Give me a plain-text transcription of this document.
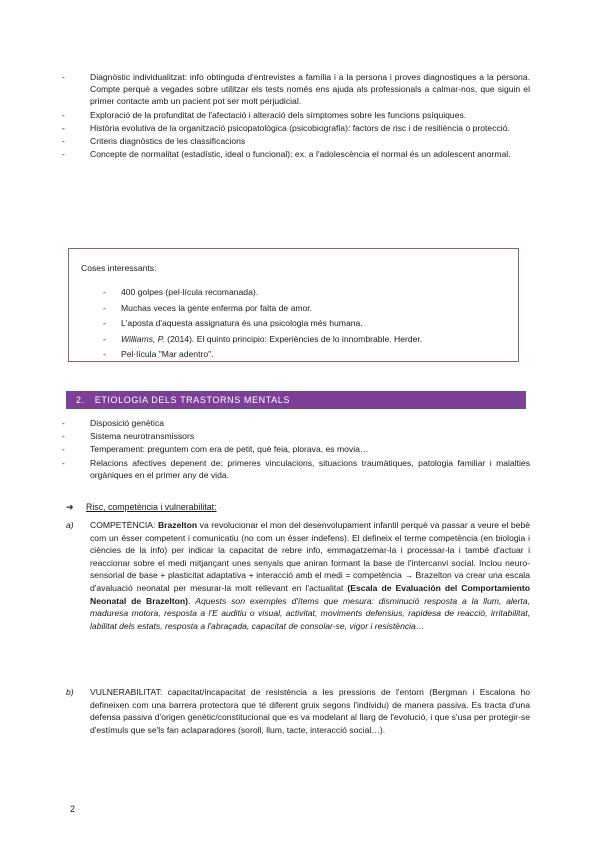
-	Diagnòstic individualitzat: info obtinguda d'entrevistes a família i a la persona i proves diagnostiques a la persona. Compte perquè a vegades sobre utilitzar els tests només ens ajuda als professionals a calmar-nos, que siguin el primer contacte amb un pacient pot ser molt perjudicial.
-	Exploració de la profunditat de l'afectació i alteració dels símptomes sobre les funcions psíquiques.
-	Història evolutiva de la organització psicopatològica (psicobiografia): factors de risc i de resiliència o protecció.
-	Criteris diagnòstics de les classificacions
-	Concepte de normalitat (estadístic, ideal o funcional): ex. a l'adolescència el normal és un adolescent anormal.
Coses interessants:
- 400 golpes (pel·lícula recomanada).
- Muchas veces la gente enferma por falta de amor.
- L'aposta d'aquesta assignatura és una psicologia més humana.
- Williams, P. (2014). El quinto principio: Experiències de lo innombrable. Herder.
- Pel·lícula "Mar adentro".
2. ETIOLOGIA DELS TRASTORNS MENTALS
-	Disposició genètica
-	Sistema neurotransmissors
-	Temperament: preguntem com era de petit, què feia, plorava, es movia…
-	Relacions afectives depenent de: primeres vinculacions, situacions traumàtiques, patologia familiar i malalties orgàniques en el primer any de vida.
➔ Risc, competència i vulnerabilitat:
a) COMPETÈNCIA: Brazelton va revolucionar el mon del desenvolupament infantil perquè va passar a veure el bebè com un ésser competent i comunicatiu (no com un ésser indefens). El defineix el terme competència (en biologia i ciències de la info) per indicar la capacitat de rebre info, emmagatzemar-la i processar-la i també d'actuar i reaccionar sobre el medi mitjançant unes senyals que aniran formant la base de l'intercanvi social. Inclou neuro-sensorial de base + plasticitat adaptativa + interacció amb el medi = competència → Brazelton va crear una escala d'avaluació neonatal per mesurar-la molt rellevant en l'actualitat (Escala de Evaluación del Comportamiento Neonatal de Brazelton). Aquests son exemples d'ítems que mesura: disminució resposta a la llum, alerta, maduresa motora, resposta a l'E auditiu o visual, activitat, moviments defensius, rapidesa de reacció, irritabilitat, labilitat dels estats, resposta a l'abraçada, capacitat de consolar-se, vigor i resistència…
b) VULNERABILITAT: capacitat/incapacitat de resistència a les pressions de l'entorn (Bergman i Escalona ho defineixen com una barrera protectora que té diferent gruix segons l'individu) de manera passiva. Es tracta d'una defensa passiva d'origen genètic/constitucional que es va modelant al llarg de l'evolució, i que s'usa per protegir-se d'estímuls que se'ls fan aclaparadores (soroll, llum, tacte, interacció social…).
2
